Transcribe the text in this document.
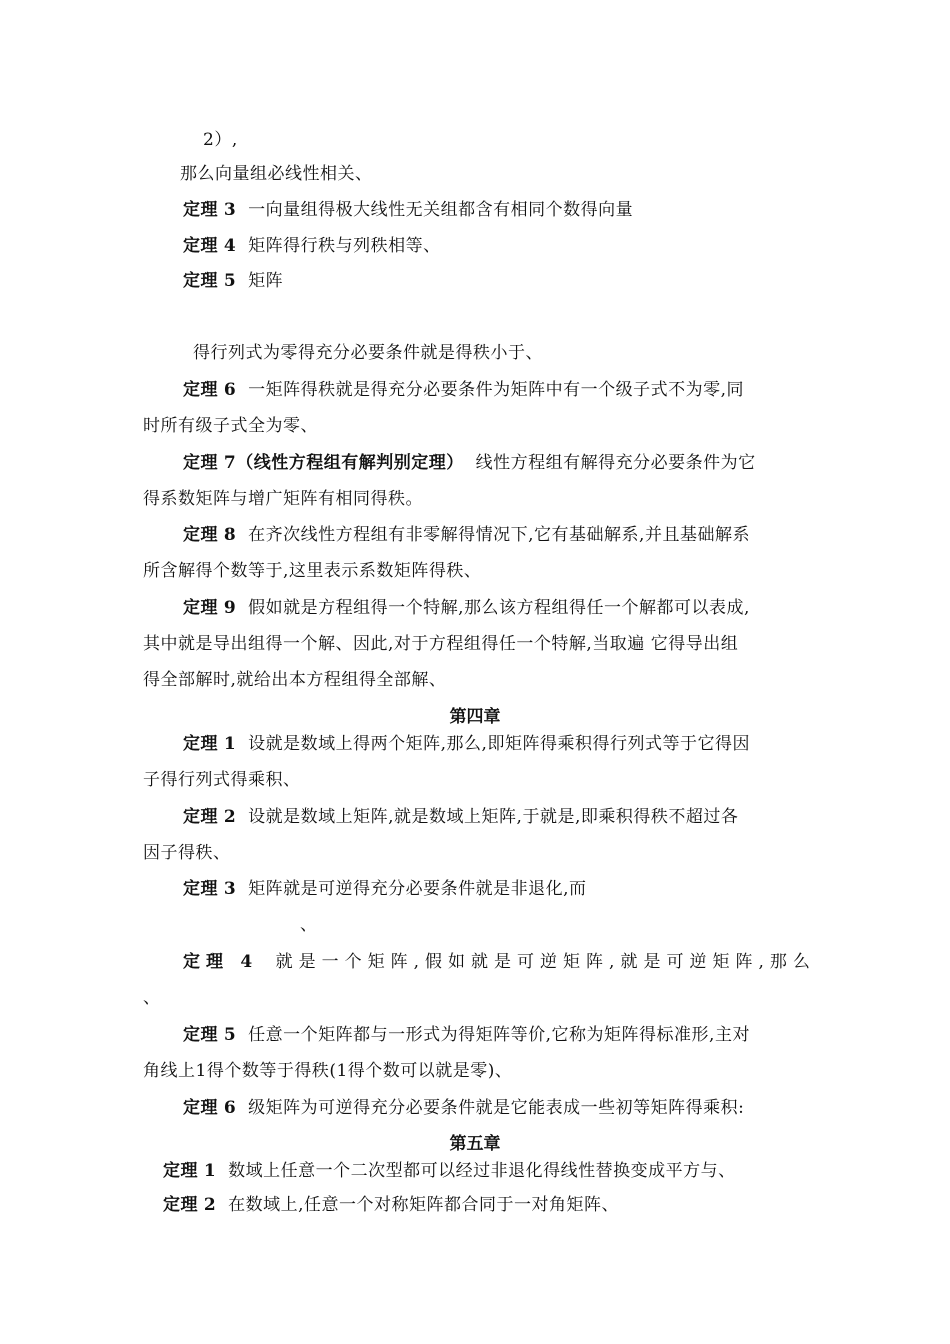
2）,
那么向量组必线性相关、
定理 3 一向量组得极大线性无关组都含有相同个数得向量
定理 4 矩阵得行秩与列秩相等、
定理 5 矩阵
得行列式为零得充分必要条件就是得秩小于、
定理 6 一矩阵得秩就是得充分必要条件为矩阵中有一个级子式不为零,同
时所有级子式全为零、
定理 7（线性方程组有解判别定理） 线性方程组有解得充分必要条件为它
得系数矩阵与增广矩阵有相同得秩。
定理 8 在齐次线性方程组有非零解得情况下,它有基础解系,并且基础解系
所含解得个数等于,这里表示系数矩阵得秩、
定理 9 假如就是方程组得一个特解,那么该方程组得任一个解都可以表成,
其中就是导出组得一个解、因此,对于方程组得任一个特解,当取遍 它得导出组
得全部解时,就给出本方程组得全部解、
第四章
定理 1 设就是数域上得两个矩阵,那么,即矩阵得乘积得行列式等于它得因
子得行列式得乘积、
定理 2 设就是数域上矩阵,就是数域上矩阵,于就是,即乘积得秩不超过各
因子得秩、
定理 3 矩阵就是可逆得充分必要条件就是非退化,而
、
定理 4 就是一个矩阵,假如就是可逆矩阵,就是可逆矩阵,那么
、
定理 5 任意一个矩阵都与一形式为得矩阵等价,它称为矩阵得标准形,主对
角线上1得个数等于得秩(1得个数可以就是零)、
定理 6 级矩阵为可逆得充分必要条件就是它能表成一些初等矩阵得乘积:
第五章
定理 1 数域上任意一个二次型都可以经过非退化得线性替换变成平方与、
定理 2 在数域上,任意一个对称矩阵都合同于一对角矩阵、
